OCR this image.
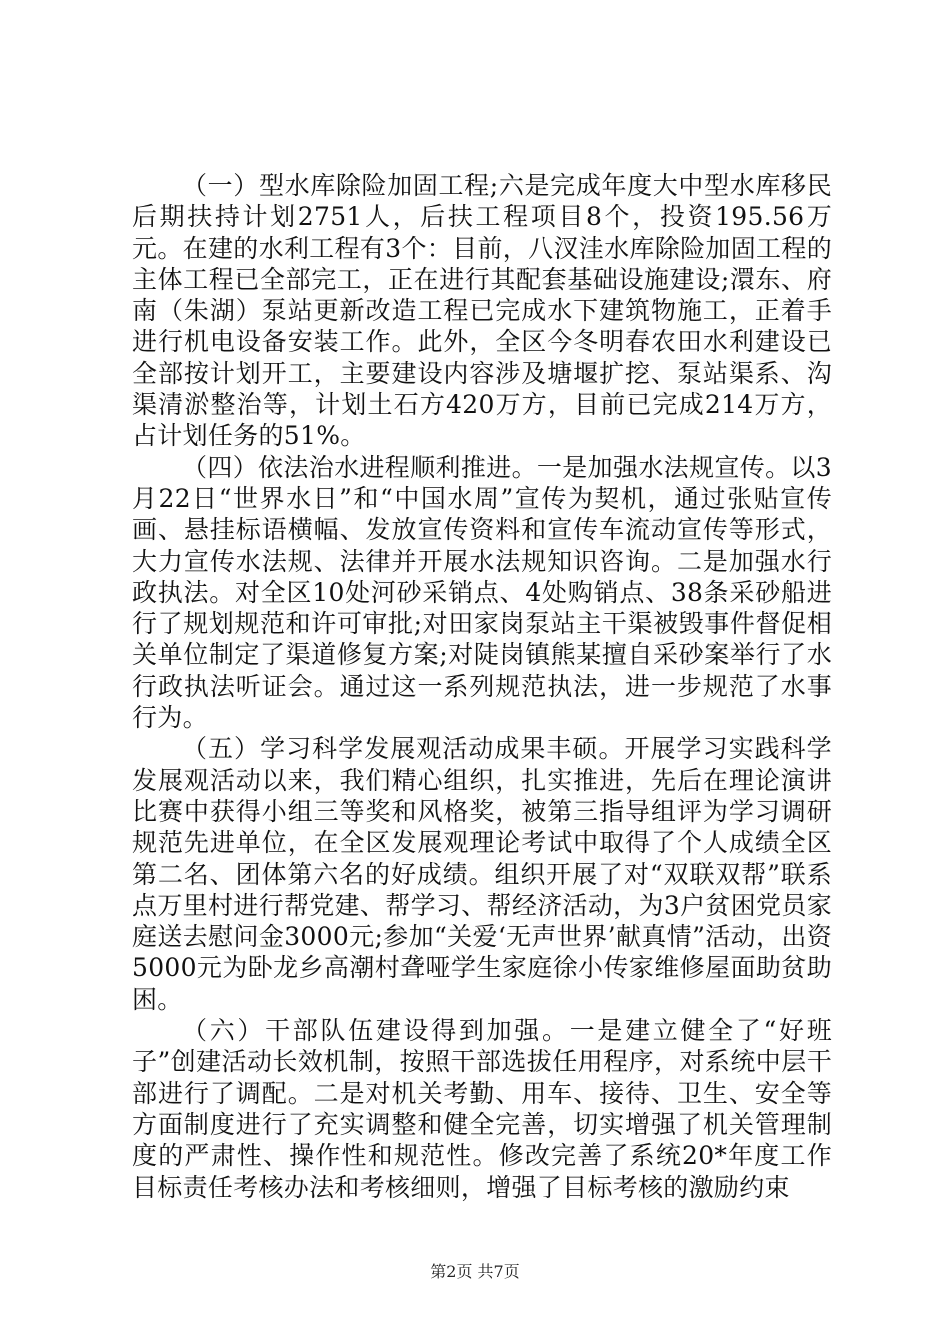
（一）型水库除险加固工程;六是完成年度大中型水库移民后期扶持计划2751人，后扶工程项目8个，投资195.56万元。在建的水利工程有3个：目前，八汊洼水库除险加固工程的主体工程已全部完工，正在进行其配套基础设施建设;澴东、府南（朱湖）泵站更新改造工程已完成水下建筑物施工，正着手进行机电设备安装工作。此外，全区今冬明春农田水利建设已全部按计划开工，主要建设内容涉及塘堰扩挖、泵站渠系、沟渠清淤整治等，计划土石方420万方，目前已完成214万方，占计划任务的51%。

（四）依法治水进程顺利推进。一是加强水法规宣传。以3月22日“世界水日”和“中国水周”宣传为契机，通过张贴宣传画、悬挂标语横幅、发放宣传资料和宣传车流动宣传等形式，大力宣传水法规、法律并开展水法规知识咨询。二是加强水行政执法。对全区10处河砂采销点、4处购销点、38条采砂船进行了规划规范和许可审批;对田家岗泵站主干渠被毁事件督促相关单位制定了渠道修复方案;对陡岗镇熊某擅自采砂案举行了水行政执法听证会。通过这一系列规范执法，进一步规范了水事行为。

（五）学习科学发展观活动成果丰硕。开展学习实践科学发展观活动以来，我们精心组织，扎实推进，先后在理论演讲比赛中获得小组三等奖和风格奖，被第三指导组评为学习调研规范先进单位，在全区发展观理论考试中取得了个人成绩全区第二名、团体第六名的好成绩。组织开展了对“双联双帮”联系点万里村进行帮党建、帮学习、帮经济活动，为3户贫困党员家庭送去慰问金3000元;参加“关爱‘无声世界’献真情”活动，出资5000元为卧龙乡高潮村聋哑学生家庭徐小传家维修屋面助贫助困。

（六）干部队伍建设得到加强。一是建立健全了“好班子”创建活动长效机制，按照干部选拔任用程序，对系统中层干部进行了调配。二是对机关考勤、用车、接待、卫生、安全等方面制度进行了充实调整和健全完善，切实增强了机关管理制度的严肃性、操作性和规范性。修改完善了系统20*年度工作目标责任考核办法和考核细则，增强了目标考核的激励约束

第2页 共7页
